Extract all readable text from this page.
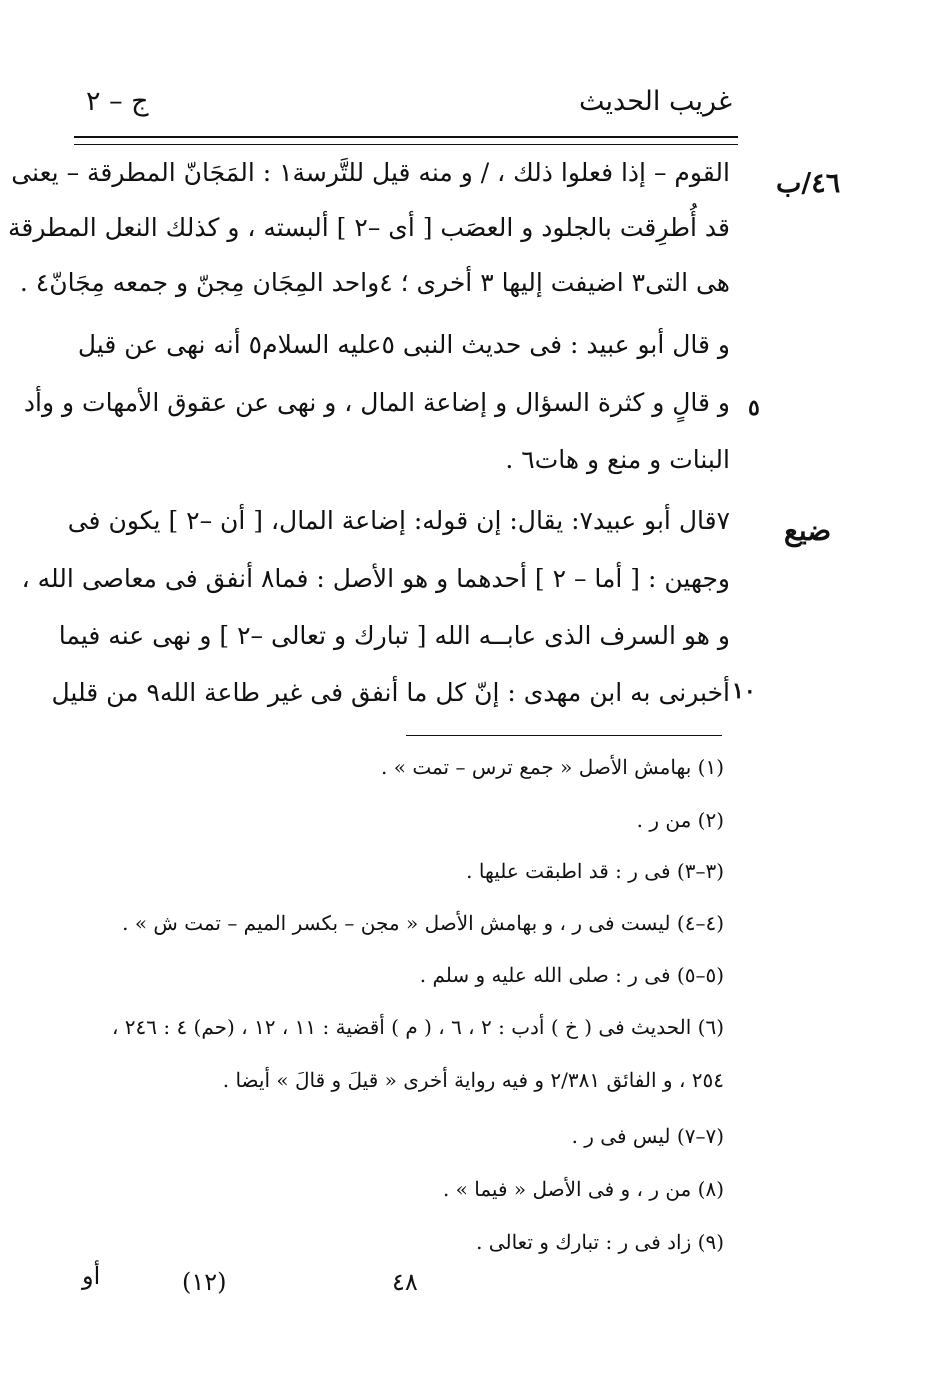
غريب الحديث
ج – ٢
٤٦/ب
٥
١٠
ضيع
القوم – إذا فعلوا ذلك ، / و منه قيل للتَّرسة١ : المَجَانّ المطرقة – يعنى
قد أُطرِقت بالجلود و العصَب [ أى –٢ ] ألبسته ، و كذلك النعل المطرقة
هى التى٣ اضيفت إليها ٣ أخرى ؛ ٤واحد المِجَان مِجنّ و جمعه مِجَانّ٤ .
و قال أبو عبيد : فى حديث النبى ٥عليه السلام٥ أنه نهى عن قيل
و قالٍ و كثرة السؤال و إضاعة المال ، و نهى عن عقوق الأمهات و وأد
البنات و منع و هات٦ .
٧قال أبو عبيد٧: يقال: إن قوله: إضاعة المال، [ أن –٢ ] يكون فى
وجهين : [ أما – ٢ ] أحدهما و هو الأصل : فما٨ أنفق فى معاصى الله ،
و هو السرف الذى عابــه الله [ تبارك و تعالى –٢ ] و نهى عنه فيما
أخبرنى به ابن مهدى : إنّ كل ما أنفق فى غير طاعة الله٩ من قليل
(١) بهامش الأصل « جمع ترس – تمت » .
(٢) من ر .
(٣–٣) فى ر : قد اطبقت عليها .
(٤–٤) ليست فى ر ، و بهامش الأصل « مجن – بكسر الميم – تمت ش » .
(٥–٥) فى ر : صلى الله عليه و سلم .
(٦) الحديث فى ( خ ) أدب : ٢ ، ٦ ، ( م ) أقضية : ١١ ، ١٢ ، (حم) ٤ : ٢٤٦ ،
٢٥٤ ، و الفائق ٢/٣٨١ و فيه رواية أخرى « قيلَ و قالَ » أيضا .
(٧–٧) ليس فى ر .
(٨) من ر ، و فى الأصل « فيما » .
(٩) زاد فى ر : تبارك و تعالى .
٤٨
(١٢)
أو
